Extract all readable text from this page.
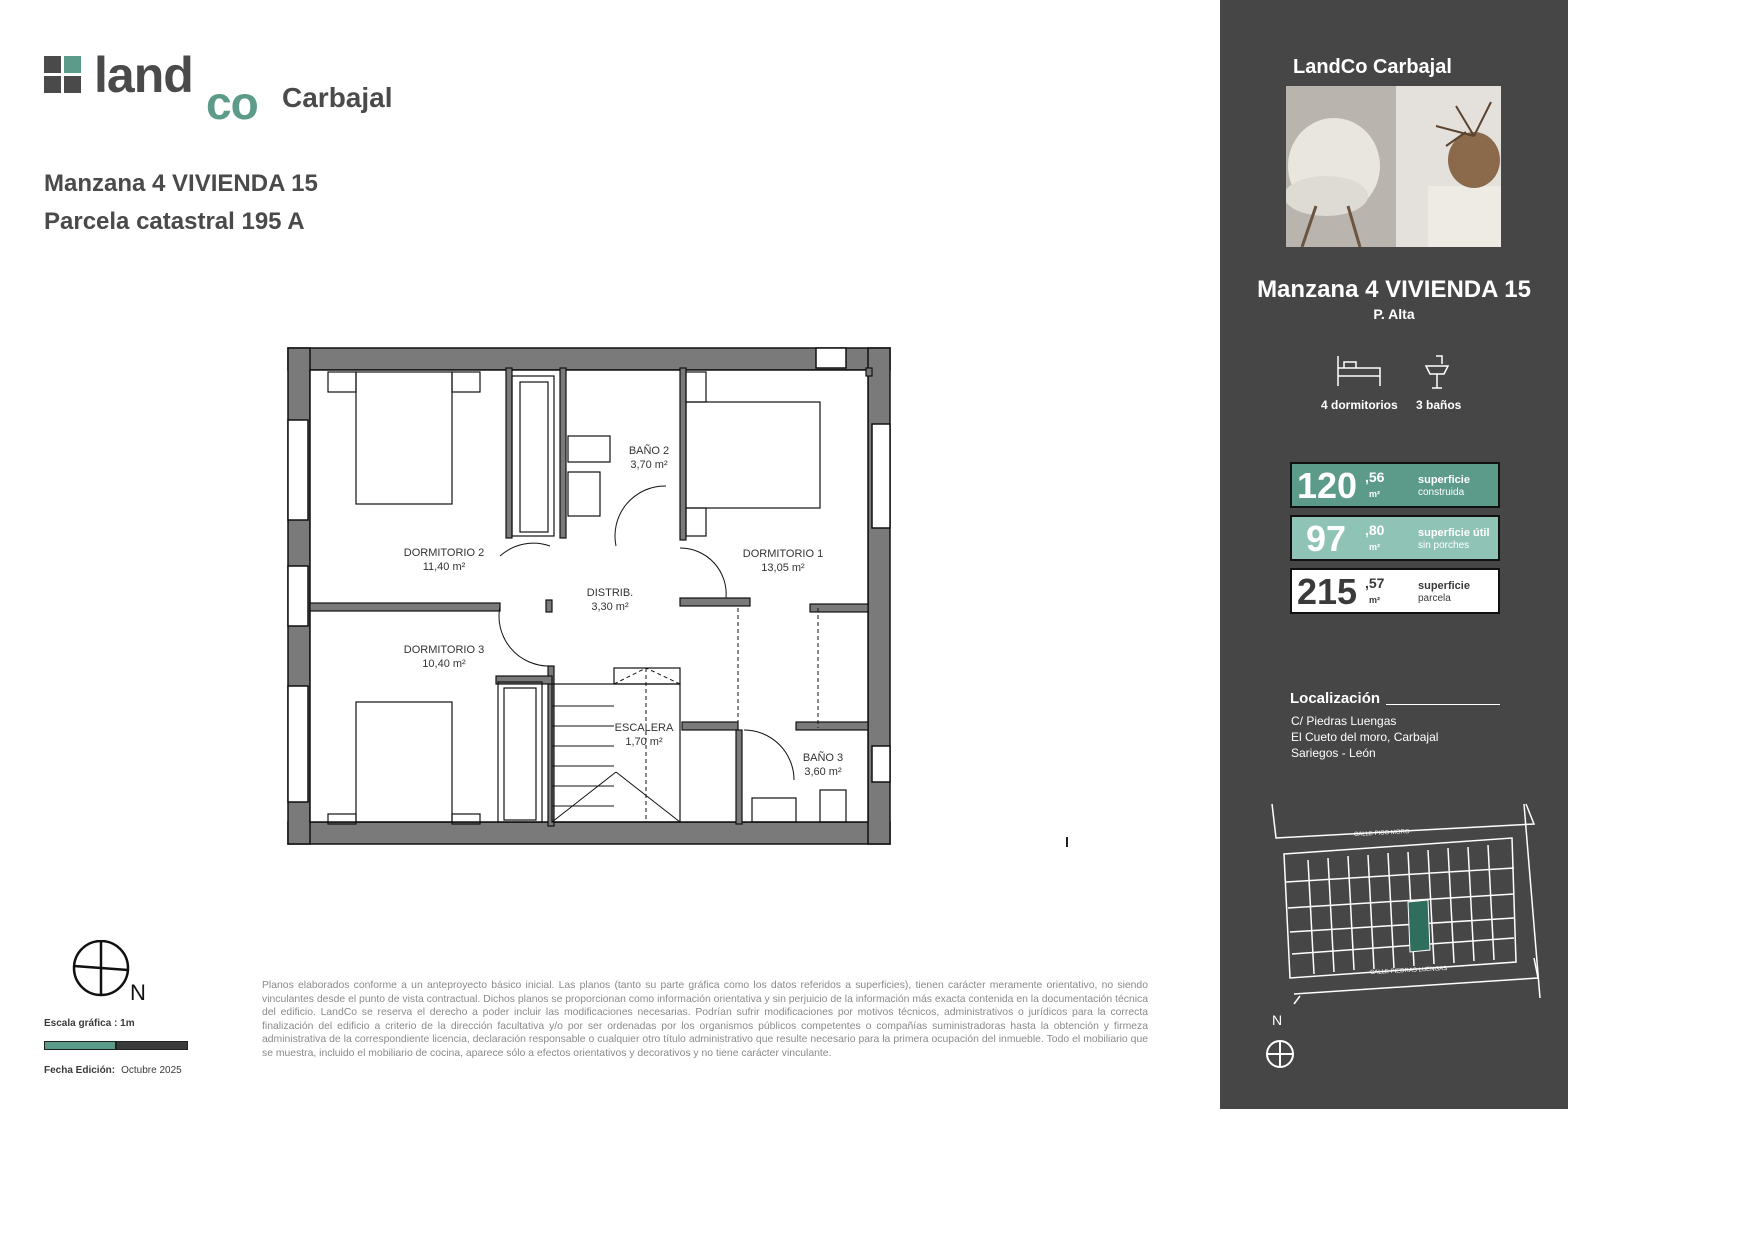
land co Carbajal
Manzana 4 VIVIENDA 15
Parcela catastral 195 A
DORMITORIO 2
11,40 m²
DORMITORIO 3
10,40 m²
BAÑO 2
3,70 m²
DISTRIB.
3,30 m²
DORMITORIO 1
13,05 m²
ESCALERA
1,70 m²
BAÑO 3
3,60 m²
N
Escala gráfica : 1m
Fecha Edición: Octubre 2025
Planos elaborados conforme a un anteproyecto básico inicial. Las planos (tanto su parte gráfica como los datos referidos a superficies), tienen carácter meramente orientativo, no siendo vinculantes desde el punto de vista contractual. Dichos planos se proporcionan como información orientativa y sin perjuicio de la información más exacta contenida en la documentación técnica del edificio. LandCo se reserva el derecho a poder incluir las modificaciones necesarias. Podrían sufrir modificaciones por motivos técnicos, administrativos o jurídicos para la correcta finalización del edificio a criterio de la dirección facultativa y/o por ser ordenadas por los organismos públicos competentes o compañías suministradoras hasta la obtención y firmeza administrativa de la correspondiente licencia, declaración responsable o cualquier otro título administrativo que resulte necesario para la primera ocupación del inmueble. Todo el mobiliario que se muestra, incluido el mobiliario de cocina, aparece sólo a efectos orientativos y decorativos y no tiene carácter vinculante.
LandCo Carbajal
Manzana 4 VIVIENDA 15
P. Alta
4 dormitorios 3 baños
120 ,56
m²
superficie
construida
97 ,80
m²
superficie útil
sin porches
215 ,57
m²
superficie
parcela
Localización
C/ Piedras Luengas
El Cueto del moro, Carbajal
Sariegos - León
CALLE PICO MORO
CALLE PIEDRAS LUENGAS
N
